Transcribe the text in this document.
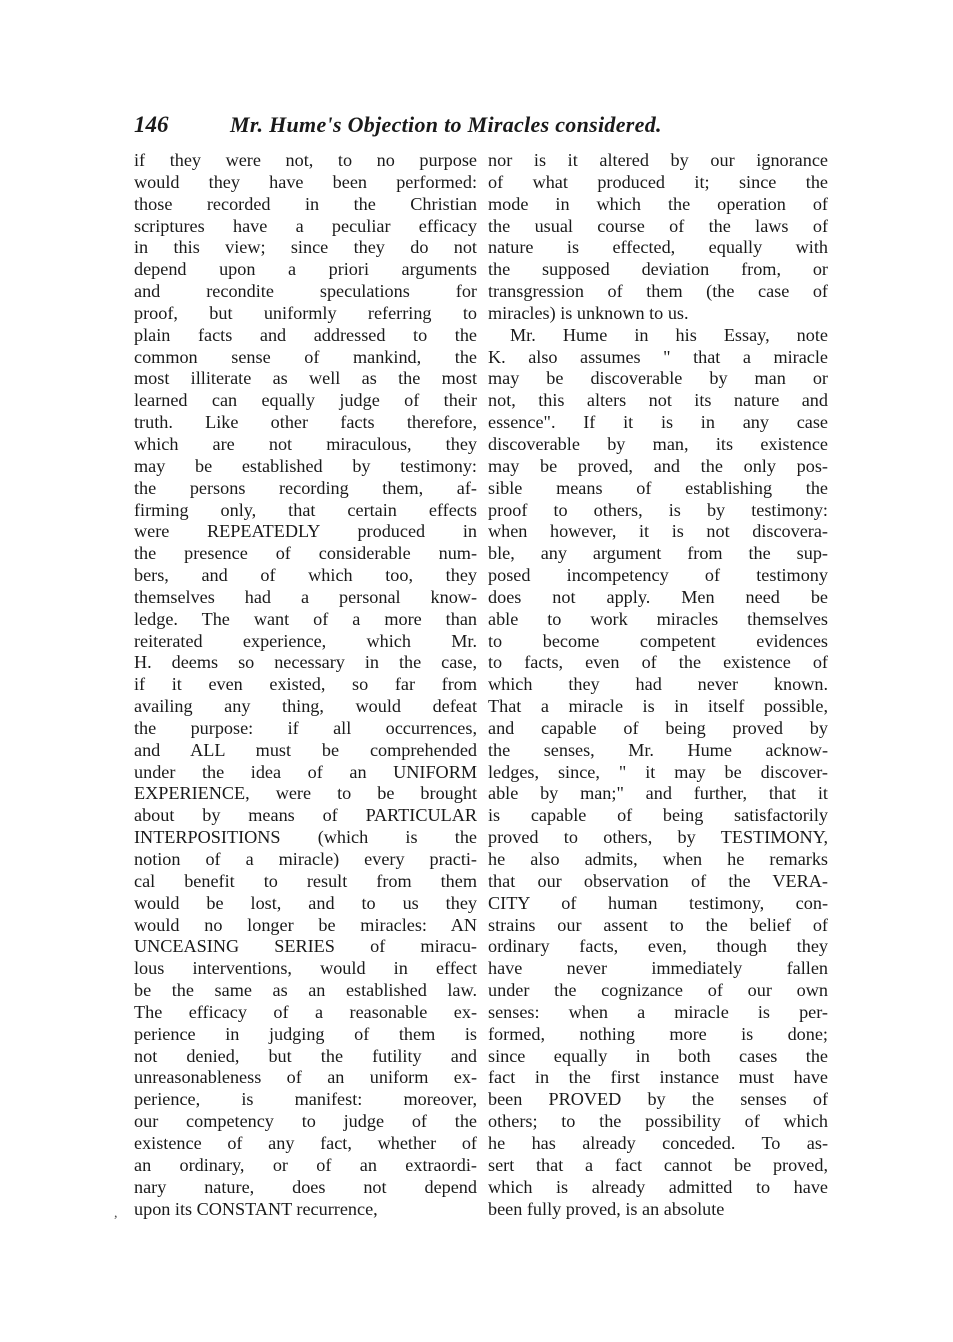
146	Mr. Hume's Objection to Miracles considered.
if they were not, to no purpose
would they have been performed:
those recorded in the Christian
scriptures have a peculiar efficacy
in this view; since they do not
depend upon a priori arguments
and recondite speculations for
proof, but uniformly referring to
plain facts and addressed to the
common sense of mankind, the
most illiterate as well as the most
learned can equally judge of their
truth. Like other facts therefore,
which are not miraculous, they
may be established by testimony:
the persons recording them, af-
firming only, that certain effects
were REPEATEDLY produced in
the presence of considerable num-
bers, and of which too, they
themselves had a personal know-
ledge. The want of a more than
reiterated experience, which Mr.
H. deems so necessary in the case,
if it even existed, so far from
availing any thing, would defeat
the purpose: if all occurrences,
and ALL must be comprehended
under the idea of an UNIFORM
EXPERIENCE, were to be brought
about by means of PARTICULAR
INTERPOSITIONS (which is the
notion of a miracle) every practi-
cal benefit to result from them
would be lost, and to us they
would no longer be miracles: AN
UNCEASING SERIES of miracu-
lous interventions, would in effect
be the same as an established law.
The efficacy of a reasonable ex-
perience in judging of them is
not denied, but the futility and
unreasonableness of an uniform ex-
perience, is manifest: moreover,
our competency to judge of the
existence of any fact, whether of
an ordinary, or of an extraordi-
nary nature, does not depend
upon its CONSTANT recurrence,
nor is it altered by our ignorance
of what produced it; since the
mode in which the operation of
the usual course of the laws of
nature is effected, equally with
the supposed deviation from, or
transgression of them (the case of
miracles) is unknown to us.
Mr. Hume in his Essay, note
K. also assumes " that a miracle
may be discoverable by man or
not, this alters not its nature and
essence". If it is in any case
discoverable by man, its existence
may be proved, and the only pos-
sible means of establishing the
proof to others, is by testimony:
when however, it is not discovera-
ble, any argument from the sup-
posed incompetency of testimony
does not apply. Men need be
able to work miracles themselves
to become competent evidences
to facts, even of the existence of
which they had never known.
That a miracle is in itself possible,
and capable of being proved by
the senses, Mr. Hume acknow-
ledges, since, " it may be discover-
able by man;" and further, that it
is capable of being satisfactorily
proved to others, by TESTIMONY,
he also admits, when he remarks
that our observation of the VERA-
CITY of human testimony, con-
strains our assent to the belief of
ordinary facts, even, though they
have never immediately fallen
under the cognizance of our own
senses: when a miracle is per-
formed, nothing more is done;
since equally in both cases the
fact in the first instance must have
been PROVED by the senses of
others; to the possibility of which
he has already conceded. To as-
sert that a fact cannot be proved,
which is already admitted to have
been fully proved, is an absolute
,
